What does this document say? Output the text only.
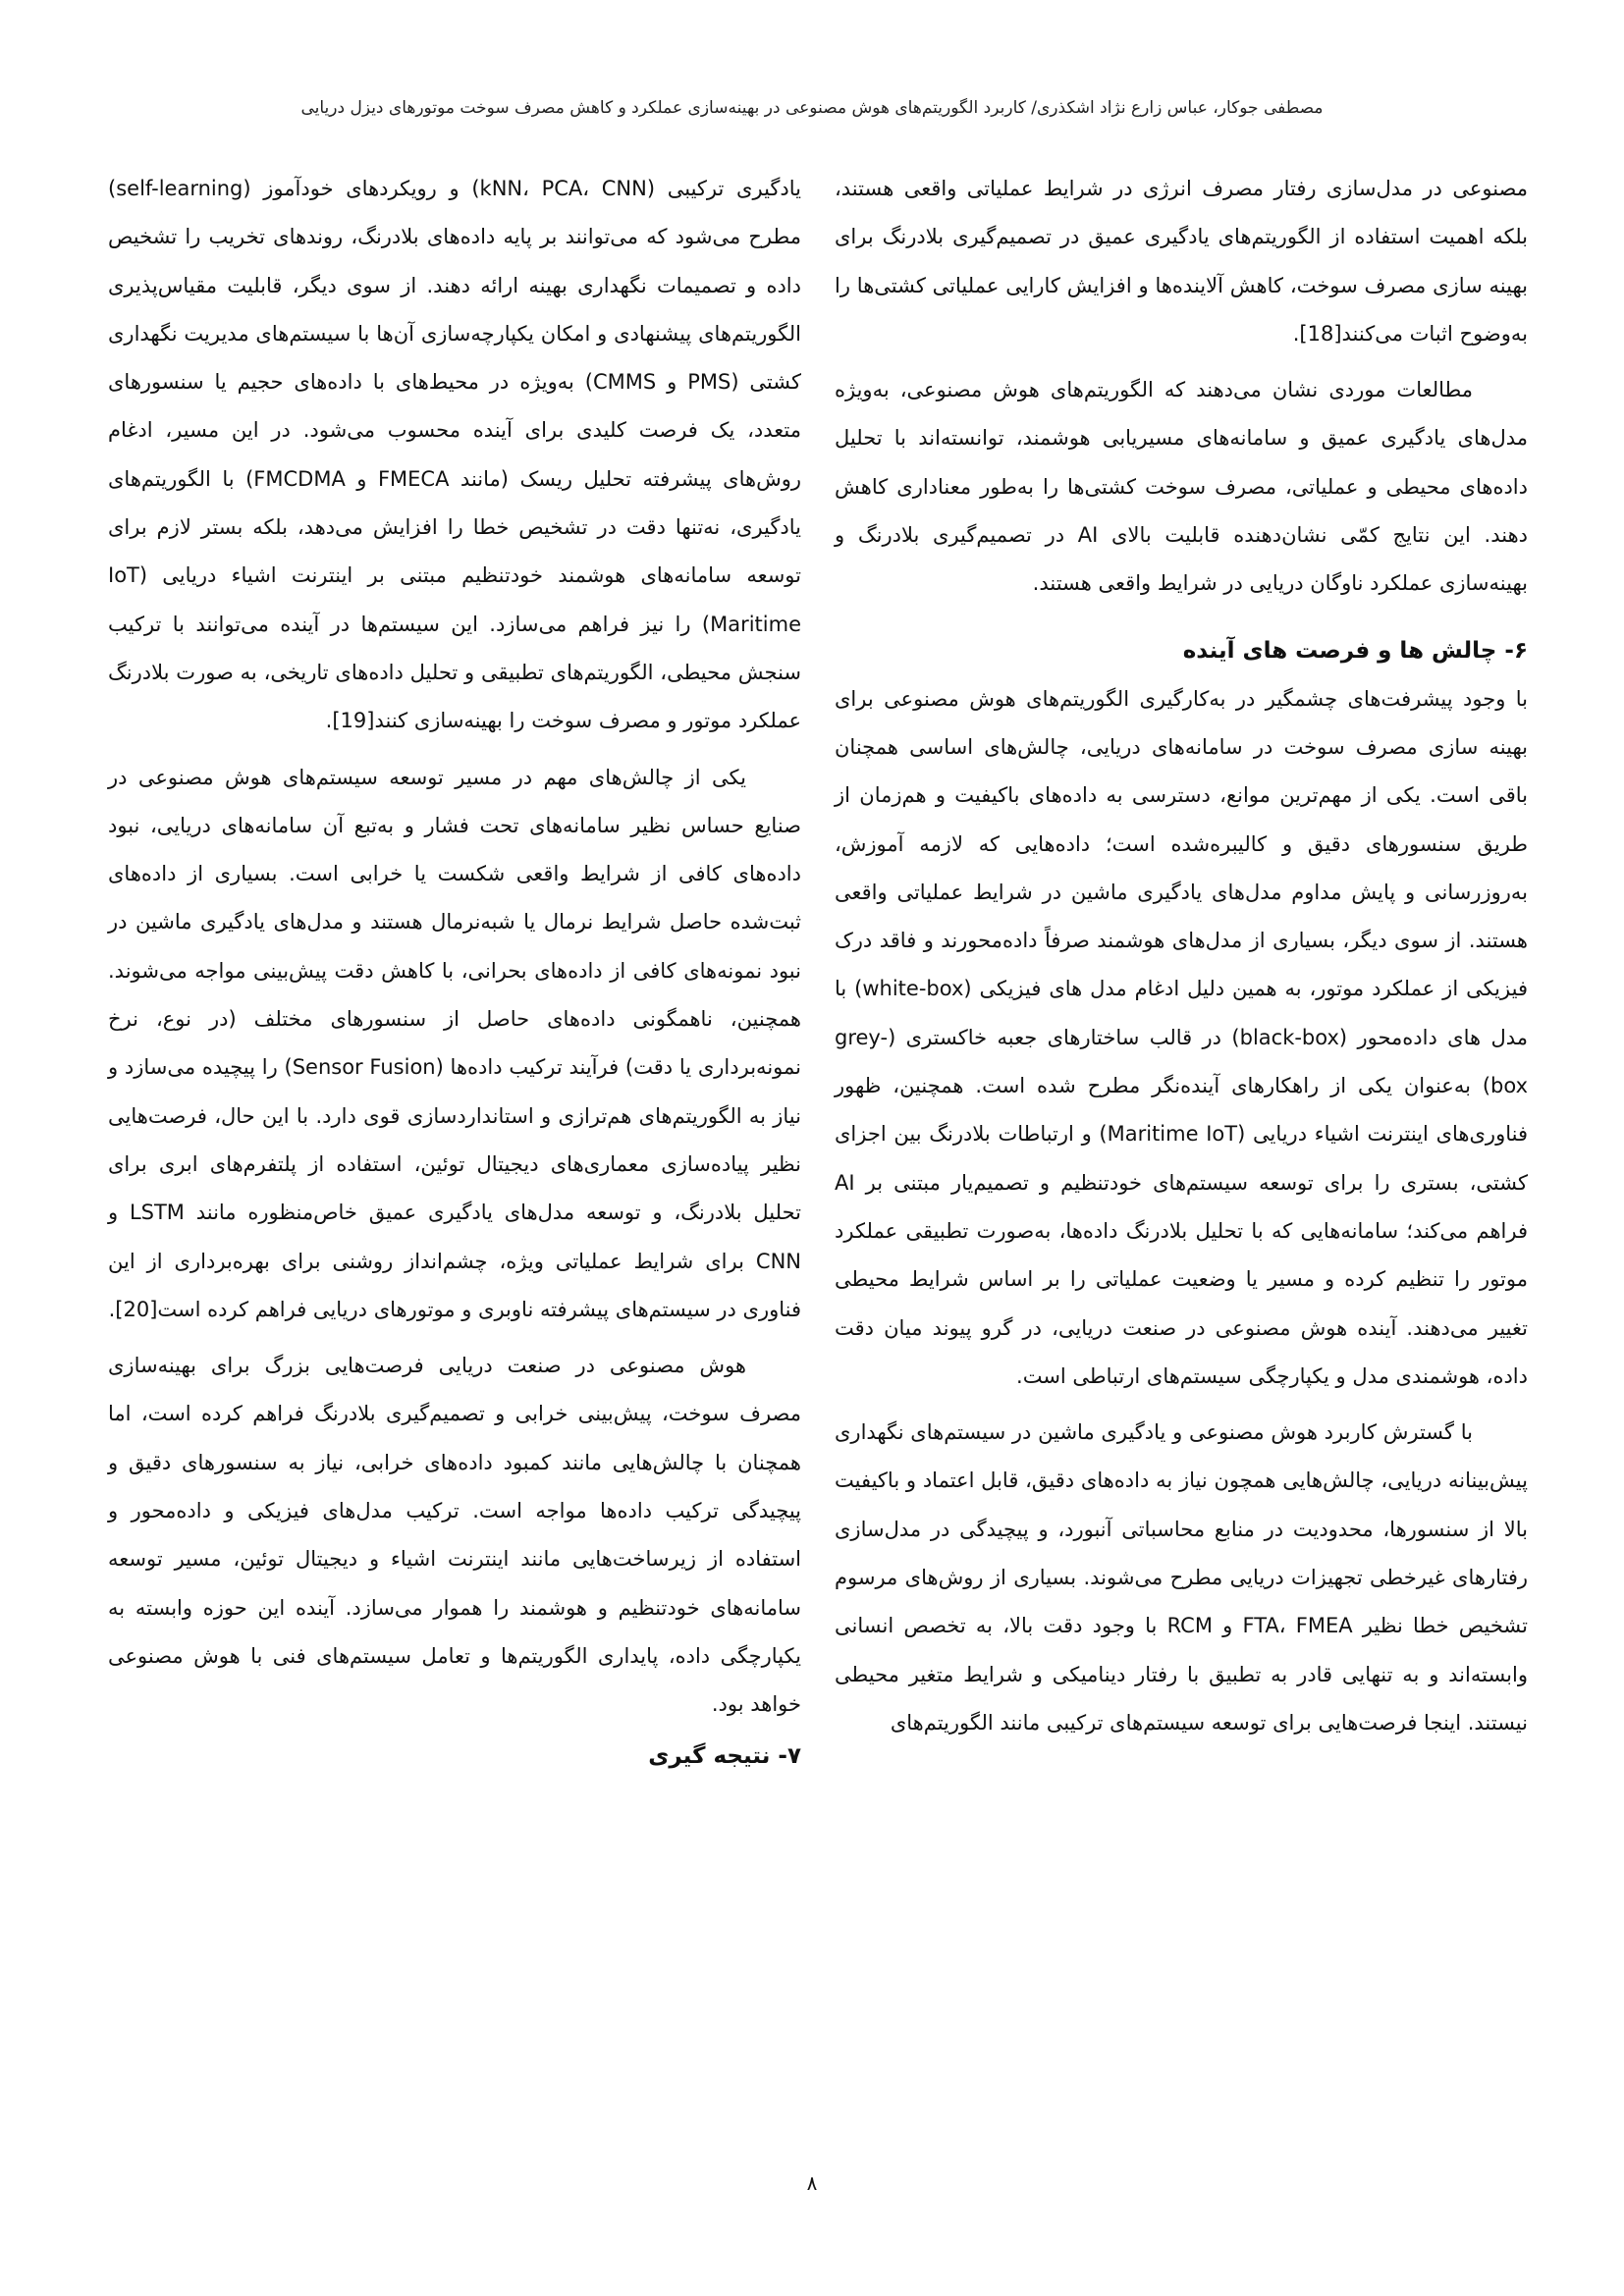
مصطفی جوکار، عباس زارع نژاد اشکذری/ کاربرد الگوریتم‌های هوش مصنوعی در بهینه‌سازی عملکرد و کاهش مصرف سوخت موتورهای دیزل دریایی

مصنوعی در مدل‌سازی رفتار مصرف انرژی در شرایط عملیاتی واقعی هستند، بلکه اهمیت استفاده از الگوریتم‌های یادگیری عمیق در تصمیم‌گیری بلادرنگ برای بهینه سازی مصرف سوخت، کاهش آلاینده‌ها و افزایش کارایی عملیاتی کشتی‌ها را به‌وضوح اثبات می‌کنند[18].

مطالعات موردی نشان می‌دهند که الگوریتم‌های هوش مصنوعی، به‌ویژه مدل‌های یادگیری عمیق و سامانه‌های مسیریابی هوشمند، توانسته‌اند با تحلیل داده‌های محیطی و عملیاتی، مصرف سوخت کشتی‌ها را به‌طور معناداری کاهش دهند. این نتایج کمّی نشان‌دهنده قابلیت بالای AI در تصمیم‌گیری بلادرنگ و بهینه‌سازی عملکرد ناوگان دریایی در شرایط واقعی هستند.

۶- چالش ها و فرصت های آینده

با وجود پیشرفت‌های چشمگیر در به‌کارگیری الگوریتم‌های هوش مصنوعی برای بهینه سازی مصرف سوخت در سامانه‌های دریایی، چالش‌های اساسی همچنان باقی است. یکی از مهم‌ترین موانع، دسترسی به داده‌های باکیفیت و هم‌زمان از طریق سنسورهای دقیق و کالیبره‌شده است؛ داده‌هایی که لازمه آموزش، به‌روزرسانی و پایش مداوم مدل‌های یادگیری ماشین در شرایط عملیاتی واقعی هستند. از سوی دیگر، بسیاری از مدل‌های هوشمند صرفاً داده‌محورند و فاقد درک فیزیکی از عملکرد موتور، به همین دلیل ادغام مدل های فیزیکی (white-box) با مدل های داده‌محور (black-box) در قالب ساختارهای جعبه خاکستری (grey-box) به‌عنوان یکی از راهکارهای آینده‌نگر مطرح شده است. همچنین، ظهور فناوری‌های اینترنت اشیاء دریایی (Maritime IoT) و ارتباطات بلادرنگ بین اجزای کشتی، بستری را برای توسعه سیستم‌های خودتنظیم و تصمیم‌یار مبتنی بر AI فراهم می‌کند؛ سامانه‌هایی که با تحلیل بلادرنگ داده‌ها، به‌صورت تطبیقی عملکرد موتور را تنظیم کرده و مسیر یا وضعیت عملیاتی را بر اساس شرایط محیطی تغییر می‌دهند. آینده هوش مصنوعی در صنعت دریایی، در گرو پیوند میان دقت داده، هوشمندی مدل و یکپارچگی سیستم‌های ارتباطی است.

با گسترش کاربرد هوش مصنوعی و یادگیری ماشین در سیستم‌های نگهداری پیش‌بینانه دریایی، چالش‌هایی همچون نیاز به داده‌های دقیق، قابل اعتماد و باکیفیت بالا از سنسورها، محدودیت در منابع محاسباتی آنبورد، و پیچیدگی در مدل‌سازی رفتارهای غیرخطی تجهیزات دریایی مطرح می‌شوند. بسیاری از روش‌های مرسوم تشخیص خطا نظیر FTA، FMEA و RCM با وجود دقت بالا، به تخصص انسانی وابسته‌اند و به تنهایی قادر به تطبیق با رفتار دینامیکی و شرایط متغیر محیطی نیستند. اینجا فرصت‌هایی برای توسعه سیستم‌های ترکیبی مانند الگوریتم‌های

یادگیری ترکیبی (kNN، PCA، CNN) و رویکردهای خودآموز (self-learning) مطرح می‌شود که می‌توانند بر پایه داده‌های بلادرنگ، روندهای تخریب را تشخیص داده و تصمیمات نگهداری بهینه ارائه دهند. از سوی دیگر، قابلیت مقیاس‌پذیری الگوریتم‌های پیشنهادی و امکان یکپارچه‌سازی آن‌ها با سیستم‌های مدیریت نگهداری کشتی (PMS و CMMS) به‌ویژه در محیط‌های با داده‌های حجیم یا سنسورهای متعدد، یک فرصت کلیدی برای آینده محسوب می‌شود. در این مسیر، ادغام روش‌های پیشرفته تحلیل ریسک (مانند FMECA و FMCDMA) با الگوریتم‌های یادگیری، نه‌تنها دقت در تشخیص خطا را افزایش می‌دهد، بلکه بستر لازم برای توسعه سامانه‌های هوشمند خودتنظیم مبتنی بر اینترنت اشیاء دریایی (IoT Maritime) را نیز فراهم می‌سازد. این سیستم‌ها در آینده می‌توانند با ترکیب سنجش محیطی، الگوریتم‌های تطبیقی و تحلیل داده‌های تاریخی، به صورت بلادرنگ عملکرد موتور و مصرف سوخت را بهینه‌سازی کنند[19].

یکی از چالش‌های مهم در مسیر توسعه سیستم‌های هوش مصنوعی در صنایع حساس نظیر سامانه‌های تحت فشار و به‌تبع آن سامانه‌های دریایی، نبود داده‌های کافی از شرایط واقعی شکست یا خرابی است. بسیاری از داده‌های ثبت‌شده حاصل شرایط نرمال یا شبه‌نرمال هستند و مدل‌های یادگیری ماشین در نبود نمونه‌های کافی از داده‌های بحرانی، با کاهش دقت پیش‌بینی مواجه می‌شوند. همچنین، ناهمگونی داده‌های حاصل از سنسورهای مختلف (در نوع، نرخ نمونه‌برداری یا دقت) فرآیند ترکیب داده‌ها (Sensor Fusion) را پیچیده می‌سازد و نیاز به الگوریتم‌های هم‌ترازی و استانداردسازی قوی دارد. با این حال، فرصت‌هایی نظیر پیاده‌سازی معماری‌های دیجیتال توئین، استفاده از پلتفرم‌های ابری برای تحلیل بلادرنگ، و توسعه مدل‌های یادگیری عمیق خاص‌منظوره مانند LSTM و CNN برای شرایط عملیاتی ویژه، چشم‌انداز روشنی برای بهره‌برداری از این فناوری در سیستم‌های پیشرفته ناوبری و موتورهای دریایی فراهم کرده است[20].

هوش مصنوعی در صنعت دریایی فرصت‌هایی بزرگ برای بهینه‌سازی مصرف سوخت، پیش‌بینی خرابی و تصمیم‌گیری بلادرنگ فراهم کرده است، اما همچنان با چالش‌هایی مانند کمبود داده‌های خرابی، نیاز به سنسورهای دقیق و پیچیدگی ترکیب داده‌ها مواجه است. ترکیب مدل‌های فیزیکی و داده‌محور و استفاده از زیرساخت‌هایی مانند اینترنت اشیاء و دیجیتال توئین، مسیر توسعه سامانه‌های خودتنظیم و هوشمند را هموار می‌سازد. آینده این حوزه وابسته به یکپارچگی داده، پایداری الگوریتم‌ها و تعامل سیستم‌های فنی با هوش مصنوعی خواهد بود.

۷- نتیجه گیری
۸
